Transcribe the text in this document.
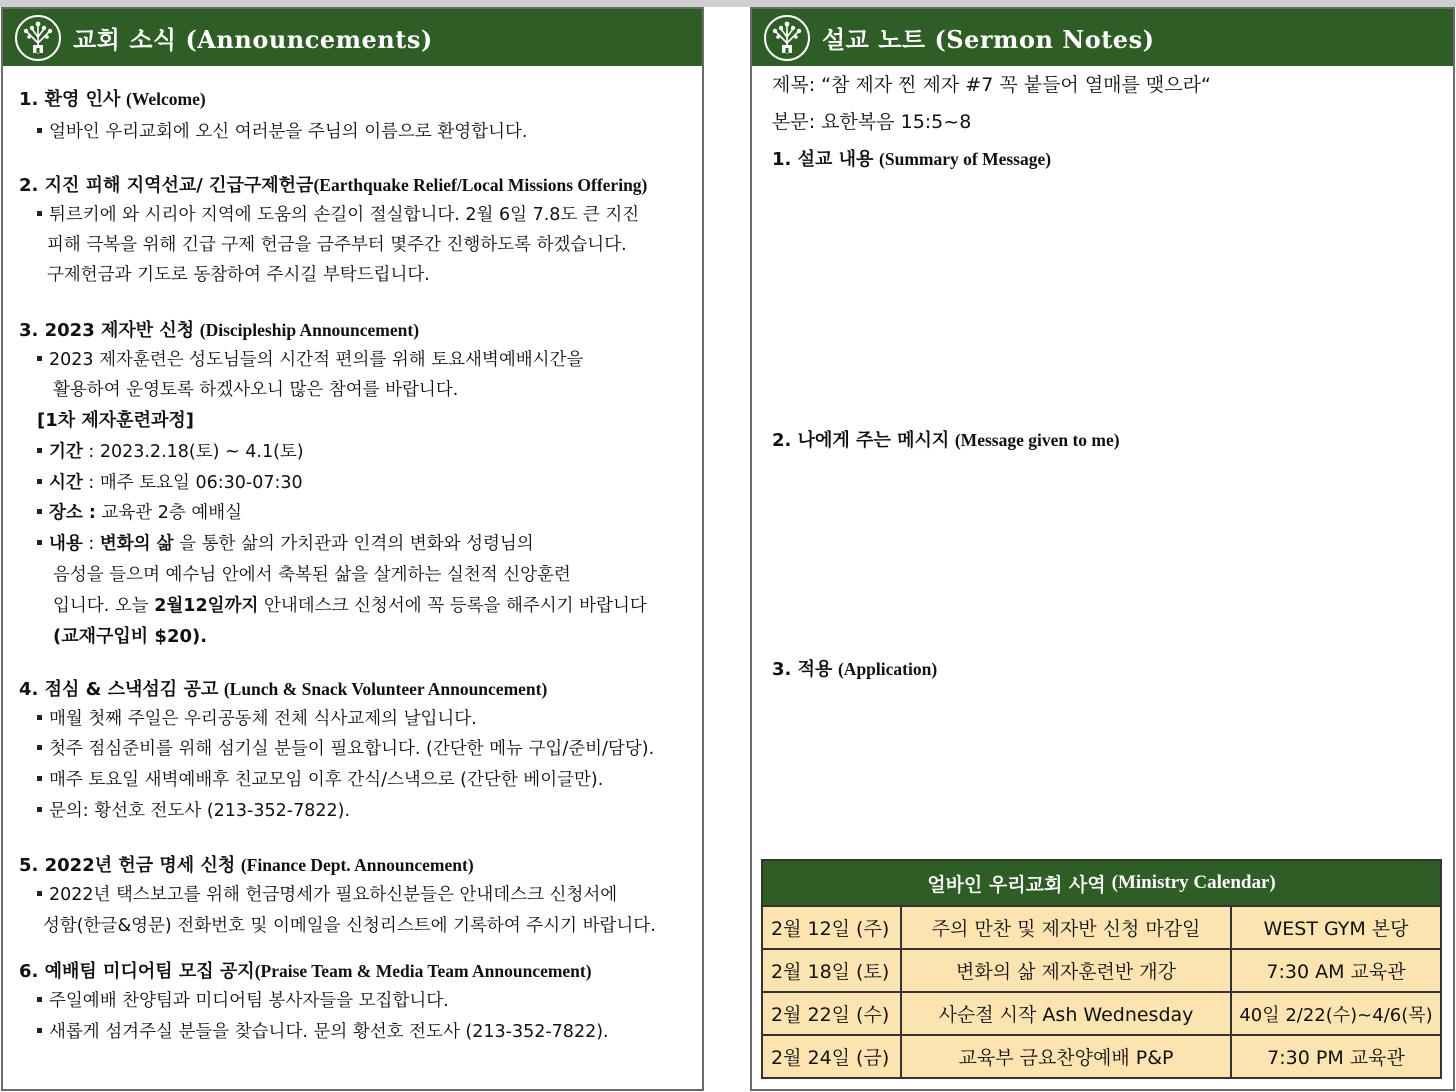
교회 소식 (Announcements)
1. 환영 인사 (Welcome)
얼바인 우리교회에 오신 여러분을 주님의 이름으로 환영합니다.
2. 지진 피해 지역선교/ 긴급구제헌금(Earthquake Relief/Local Missions Offering)
튀르키에 와 시리아 지역에 도움의 손길이 절실합니다. 2월 6일 7.8도 큰 지진
피해 극복을 위해 긴급 구제 헌금을 금주부터 몇주간 진행하도록 하겠습니다.
구제헌금과 기도로 동참하여 주시길 부탁드립니다.
3. 2023 제자반 신청 (Discipleship Announcement)
2023 제자훈련은 성도님들의 시간적 편의를 위해 토요새벽예배시간을
활용하여 운영토록 하겠사오니 많은 참여를 바랍니다.
[1차 제자훈련과정]
기간 : 2023.2.18(토) ~ 4.1(토)
시간 : 매주 토요일 06:30-07:30
장소 : 교육관 2층 예배실
내용 : 변화의 삶 을 통한 삶의 가치관과 인격의 변화와 성령님의
음성을 들으며 예수님 안에서 축복된 삶을 살게하는 실천적 신앙훈련
입니다. 오늘 2월12일까지 안내데스크 신청서에 꼭 등록을 해주시기 바랍니다
(교재구입비 $20).
4. 점심 & 스낵섬김 공고 (Lunch & Snack Volunteer Announcement)
매월 첫째 주일은 우리공동체 전체 식사교제의 날입니다.
첫주 점심준비를 위해 섬기실 분들이 필요합니다. (간단한 메뉴 구입/준비/담당).
매주 토요일 새벽예배후 친교모임 이후 간식/스낵으로 (간단한 베이글만).
문의: 황선호 전도사 (213-352-7822).
5. 2022년 헌금 명세 신청 (Finance Dept. Announcement)
2022년 택스보고를 위해 헌금명세가 필요하신분들은 안내데스크 신청서에
성함(한글&영문) 전화번호 및 이메일을 신청리스트에 기록하여 주시기 바랍니다.
6. 예배팀 미디어팀 모집 공지(Praise Team & Media Team Announcement)
주일예배 찬양팀과 미디어팀 봉사자들을 모집합니다.
새롭게 섬겨주실 분들을 찾습니다. 문의 황선호 전도사 (213-352-7822).
설교 노트 (Sermon Notes)
제목: “참 제자 찐 제자 #7 꼭 붙들어 열매를 맺으라“
본문: 요한복음 15:5~8
1. 설교 내용 (Summary of Message)
2. 나에게 주는 메시지 (Message given to me)
3. 적용 (Application)
얼바인 우리교회 사역 (Ministry Calendar)
2월 12일 (주)	주의 만찬 및 제자반 신청 마감일	WEST GYM 본당
2월 18일 (토)	변화의 삶 제자훈련반 개강	7:30 AM 교육관
2월 22일 (수)	사순절 시작 Ash Wednesday	40일 2/22(수)~4/6(목)
2월 24일 (금)	교육부 금요찬양예배 P&P	7:30 PM 교육관
